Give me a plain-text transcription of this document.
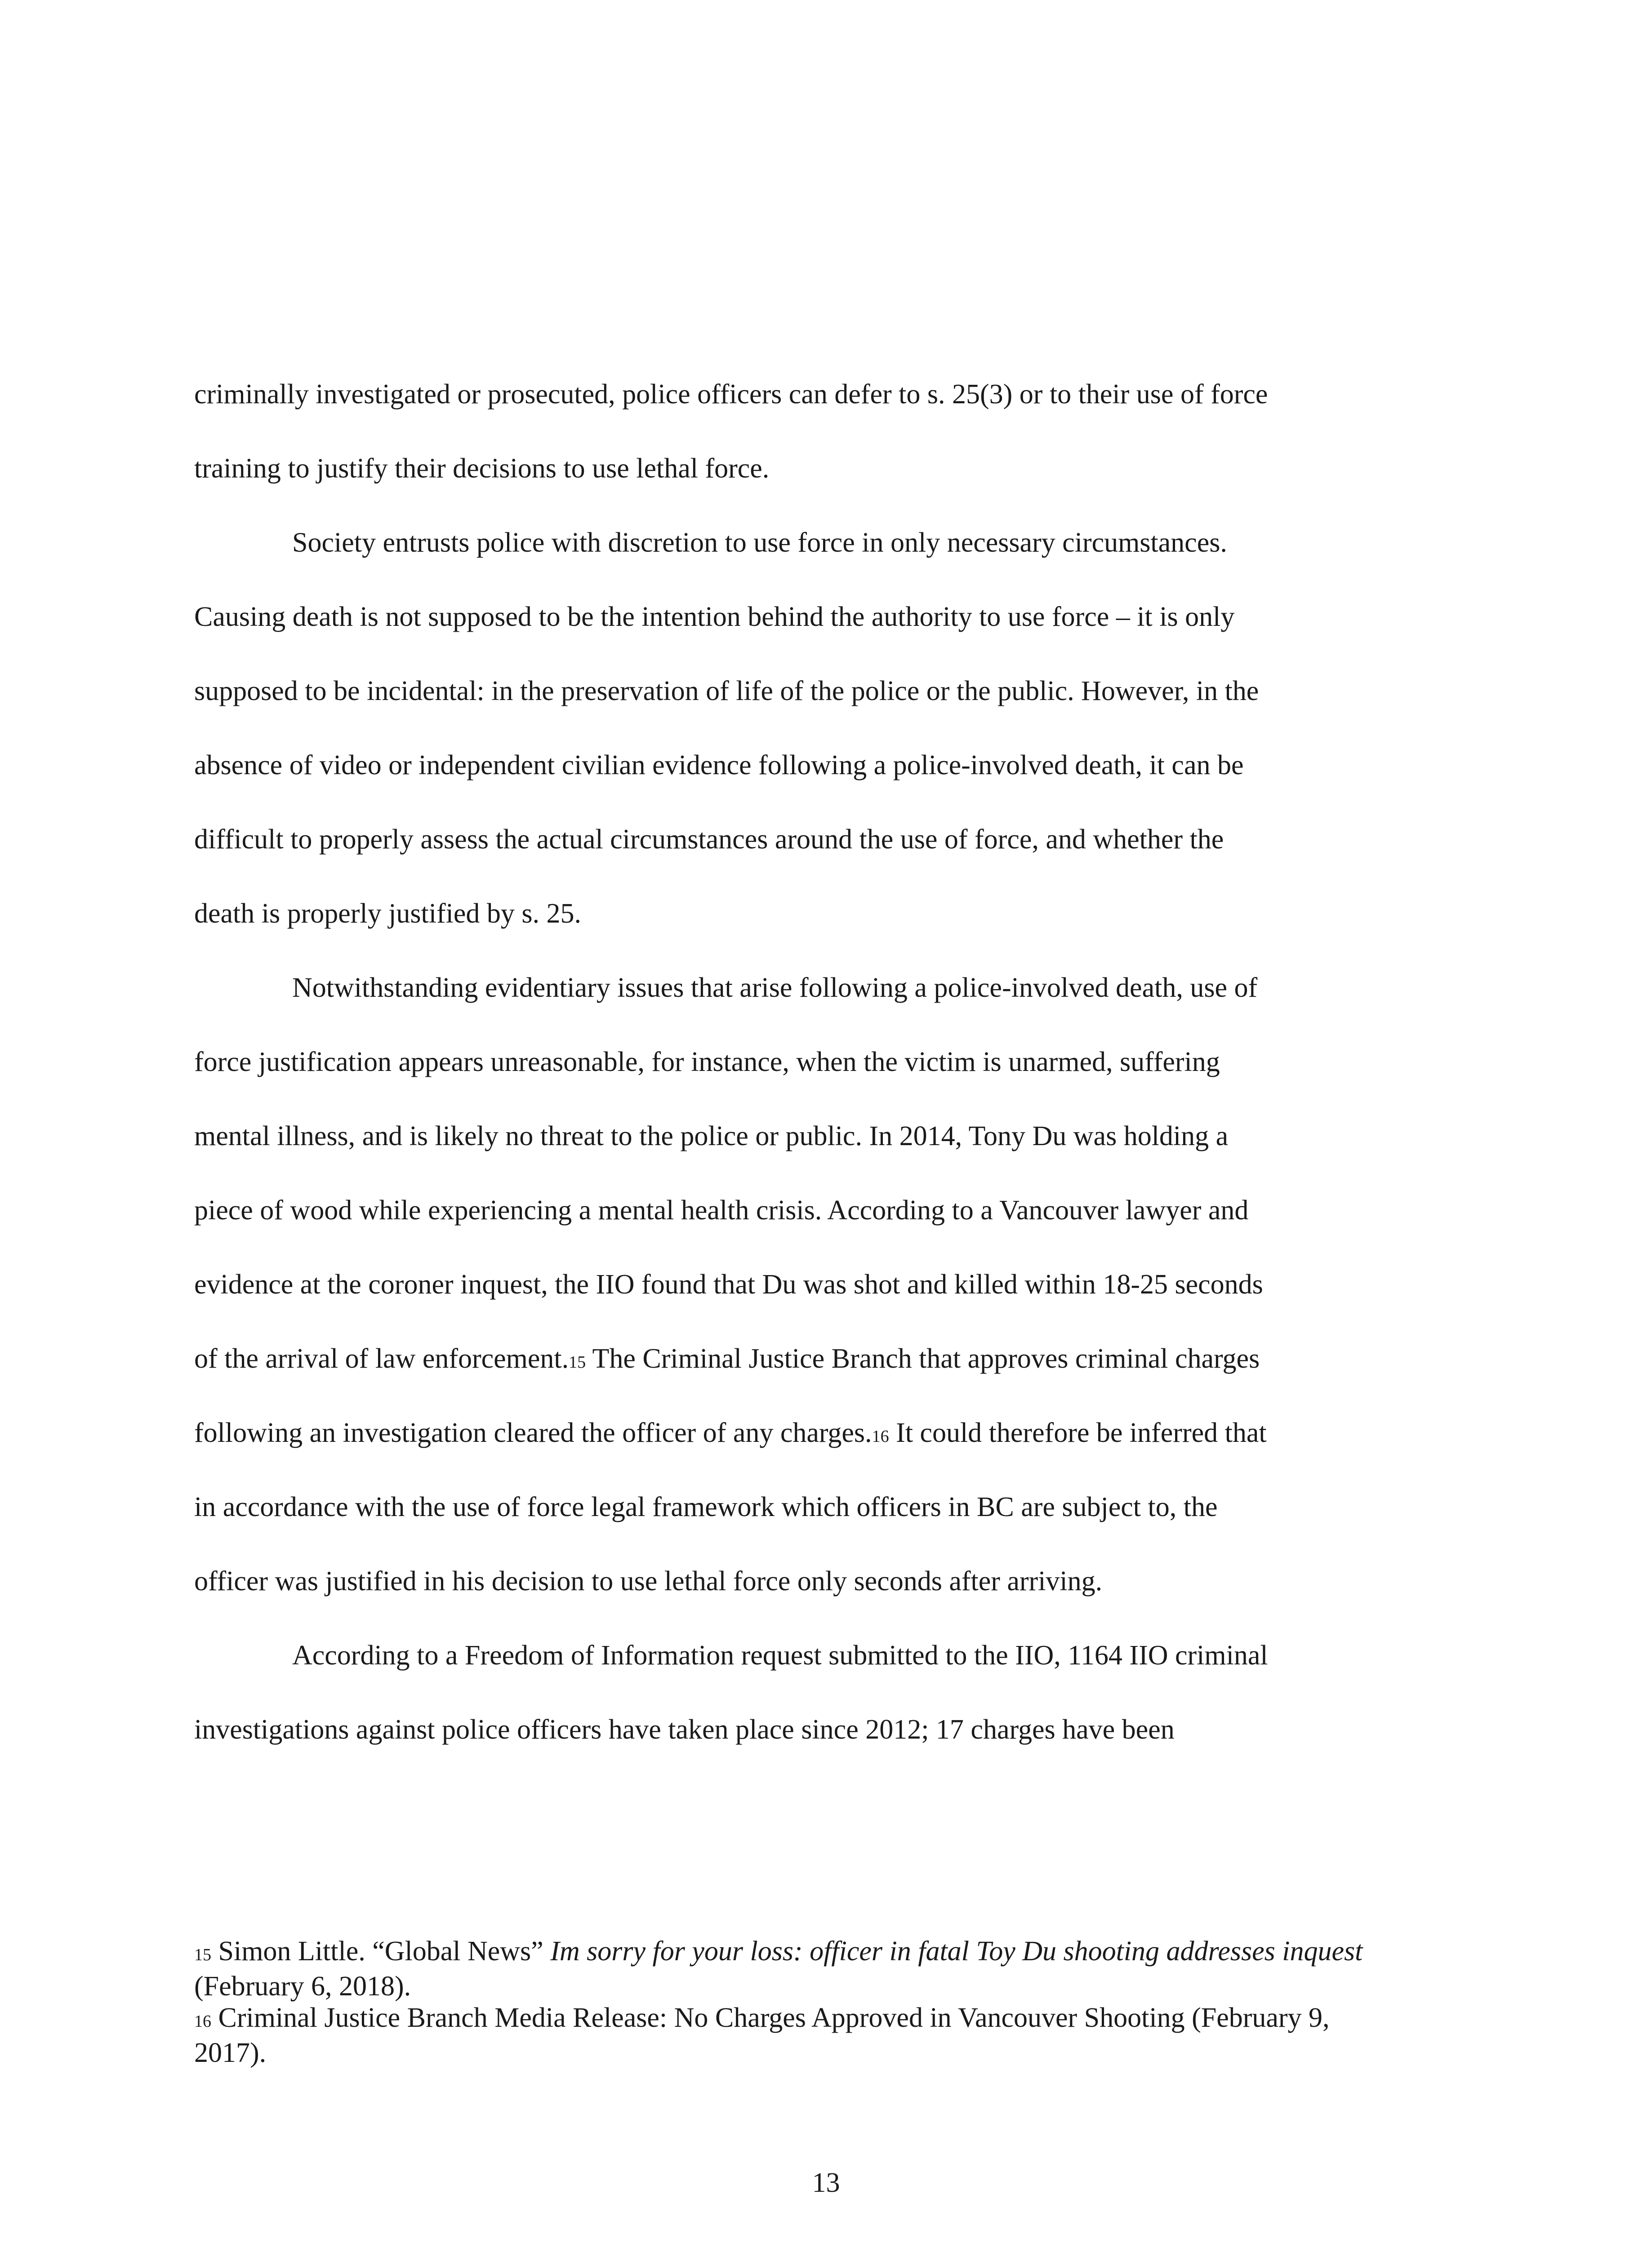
criminally investigated or prosecuted, police officers can defer to s. 25(3) or to their use of force
training to justify their decisions to use lethal force.
Society entrusts police with discretion to use force in only necessary circumstances.
Causing death is not supposed to be the intention behind the authority to use force – it is only
supposed to be incidental: in the preservation of life of the police or the public. However, in the
absence of video or independent civilian evidence following a police-involved death, it can be
difficult to properly assess the actual circumstances around the use of force, and whether the
death is properly justified by s. 25.
Notwithstanding evidentiary issues that arise following a police-involved death, use of
force justification appears unreasonable, for instance, when the victim is unarmed, suffering
mental illness, and is likely no threat to the police or public. In 2014, Tony Du was holding a
piece of wood while experiencing a mental health crisis. According to a Vancouver lawyer and
evidence at the coroner inquest, the IIO found that Du was shot and killed within 18-25 seconds
of the arrival of law enforcement.15 The Criminal Justice Branch that approves criminal charges
following an investigation cleared the officer of any charges.16 It could therefore be inferred that
in accordance with the use of force legal framework which officers in BC are subject to, the
officer was justified in his decision to use lethal force only seconds after arriving.
According to a Freedom of Information request submitted to the IIO, 1164 IIO criminal
investigations against police officers have taken place since 2012; 17 charges have been
15 Simon Little. “Global News” Im sorry for your loss: officer in fatal Toy Du shooting addresses inquest
(February 6, 2018).
16 Criminal Justice Branch Media Release: No Charges Approved in Vancouver Shooting (February 9,
2017).
13
